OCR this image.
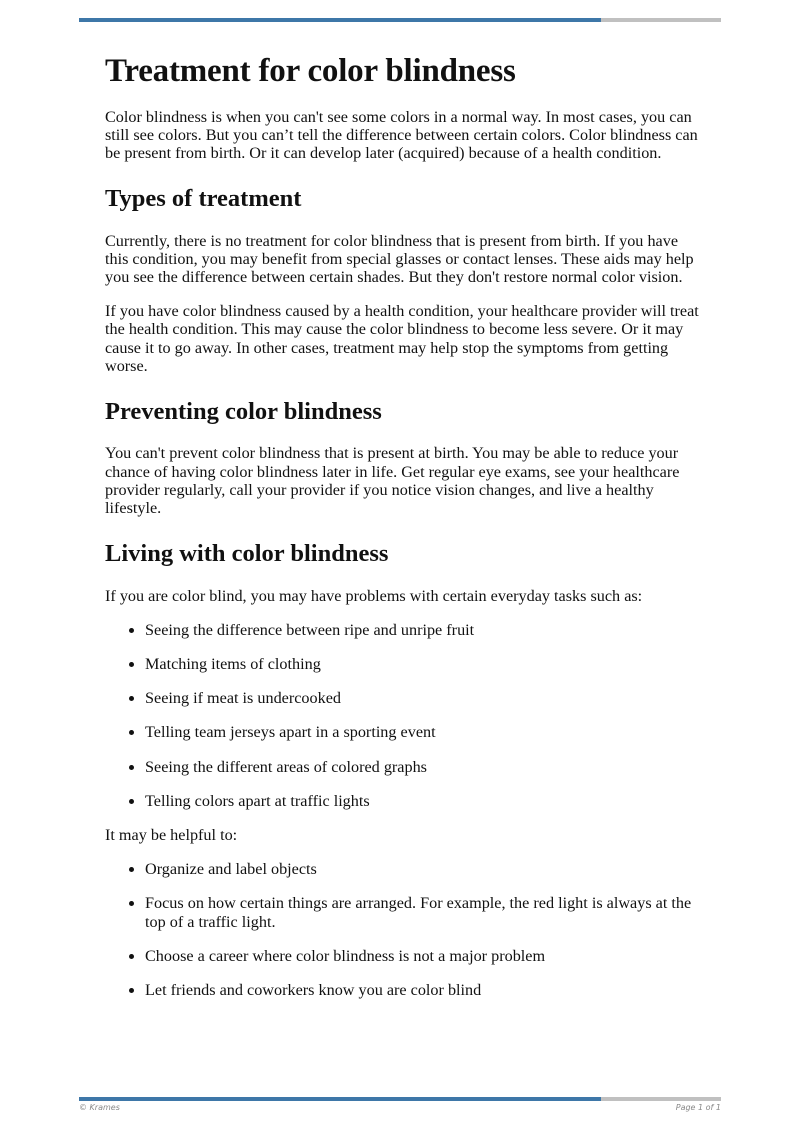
Treatment for color blindness

Color blindness is when you can't see some colors in a normal way. In most cases, you can still see colors. But you can’t tell the difference between certain colors. Color blindness can be present from birth. Or it can develop later (acquired) because of a health condition.

Types of treatment

Currently, there is no treatment for color blindness that is present from birth. If you have this condition, you may benefit from special glasses or contact lenses. These aids may help you see the difference between certain shades. But they don't restore normal color vision.

If you have color blindness caused by a health condition, your healthcare provider will treat the health condition. This may cause the color blindness to become less severe. Or it may cause it to go away. In other cases, treatment may help stop the symptoms from getting worse.

Preventing color blindness

You can't prevent color blindness that is present at birth. You may be able to reduce your chance of having color blindness later in life. Get regular eye exams, see your healthcare provider regularly, call your provider if you notice vision changes, and live a healthy lifestyle.

Living with color blindness

If you are color blind, you may have problems with certain everyday tasks such as:

• Seeing the difference between ripe and unripe fruit
• Matching items of clothing
• Seeing if meat is undercooked
• Telling team jerseys apart in a sporting event
• Seeing the different areas of colored graphs
• Telling colors apart at traffic lights

It may be helpful to:

• Organize and label objects
• Focus on how certain things are arranged. For example, the red light is always at the top of a traffic light.
• Choose a career where color blindness is not a major problem
• Let friends and coworkers know you are color blind
© Krames	Page 1 of 1
